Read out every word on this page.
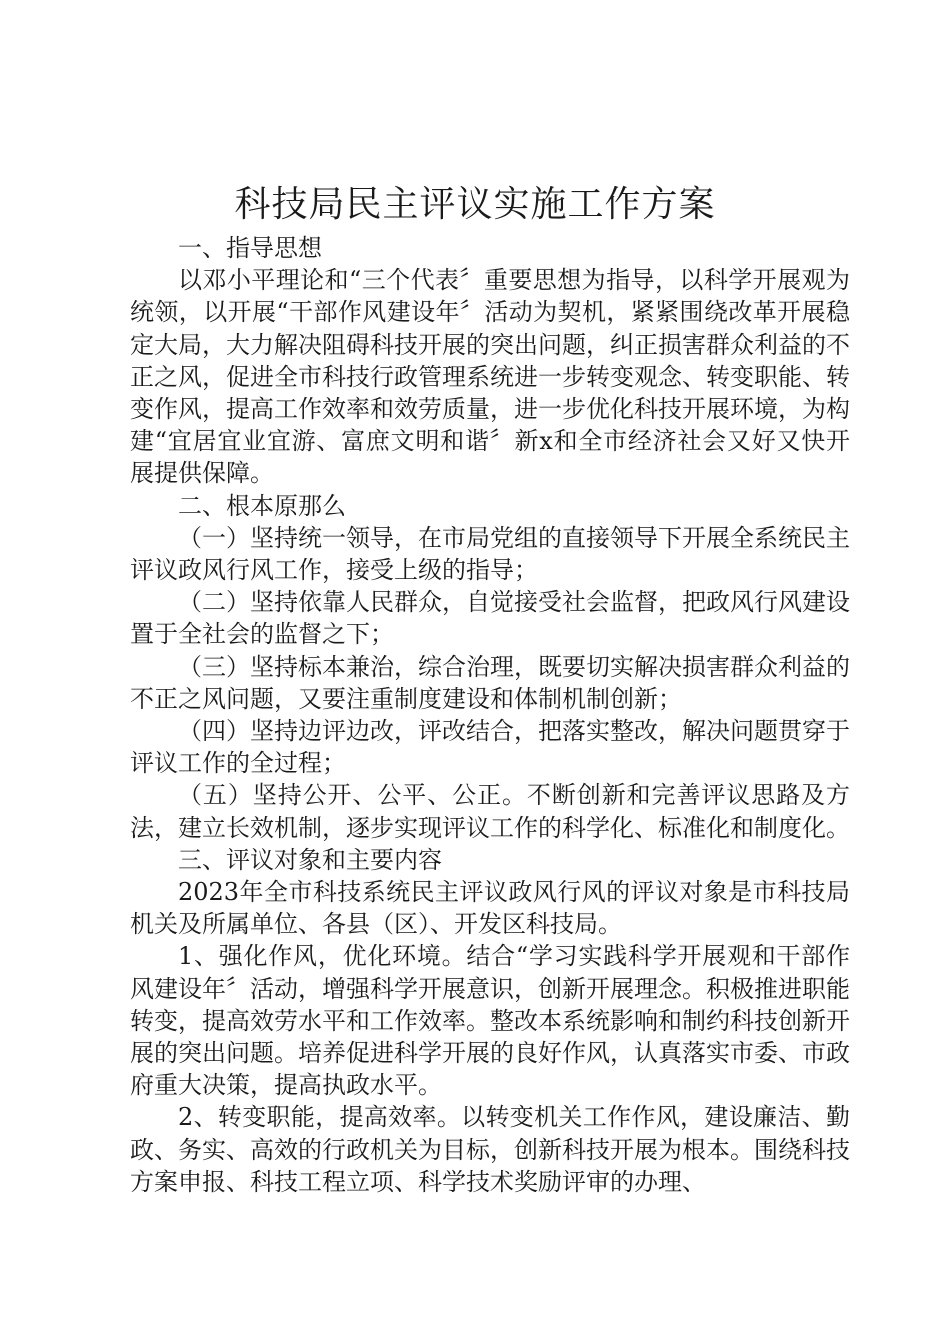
科技局民主评议实施工作方案

一、指导思想

以邓小平理论和“三个代表〞重要思想为指导，以科学开展观为统领，以开展“干部作风建设年〞活动为契机，紧紧围绕改革开展稳定大局，大力解决阻碍科技开展的突出问题，纠正损害群众利益的不正之风，促进全市科技行政管理系统进一步转变观念、转变职能、转变作风，提高工作效率和效劳质量，进一步优化科技开展环境，为构建“宜居宜业宜游、富庶文明和谐〞新x和全市经济社会又好又快开展提供保障。

二、根本原那么

（一）坚持统一领导，在市局党组的直接领导下开展全系统民主评议政风行风工作，接受上级的指导；

（二）坚持依靠人民群众，自觉接受社会监督，把政风行风建设置于全社会的监督之下；

（三）坚持标本兼治，综合治理，既要切实解决损害群众利益的不正之风问题，又要注重制度建设和体制机制创新；

（四）坚持边评边改，评改结合，把落实整改，解决问题贯穿于评议工作的全过程；

（五）坚持公开、公平、公正。不断创新和完善评议思路及方法，建立长效机制，逐步实现评议工作的科学化、标准化和制度化。

三、评议对象和主要内容

2023年全市科技系统民主评议政风行风的评议对象是市科技局机关及所属单位、各县（区）、开发区科技局。

1、强化作风，优化环境。结合“学习实践科学开展观和干部作风建设年〞活动，增强科学开展意识，创新开展理念。积极推进职能转变，提高效劳水平和工作效率。整改本系统影响和制约科技创新开展的突出问题。培养促进科学开展的良好作风，认真落实市委、市政府重大决策，提高执政水平。

2、转变职能，提高效率。以转变机关工作作风，建设廉洁、勤政、务实、高效的行政机关为目标，创新科技开展为根本。围绕科技方案申报、科技工程立项、科学技术奖励评审的办理、
